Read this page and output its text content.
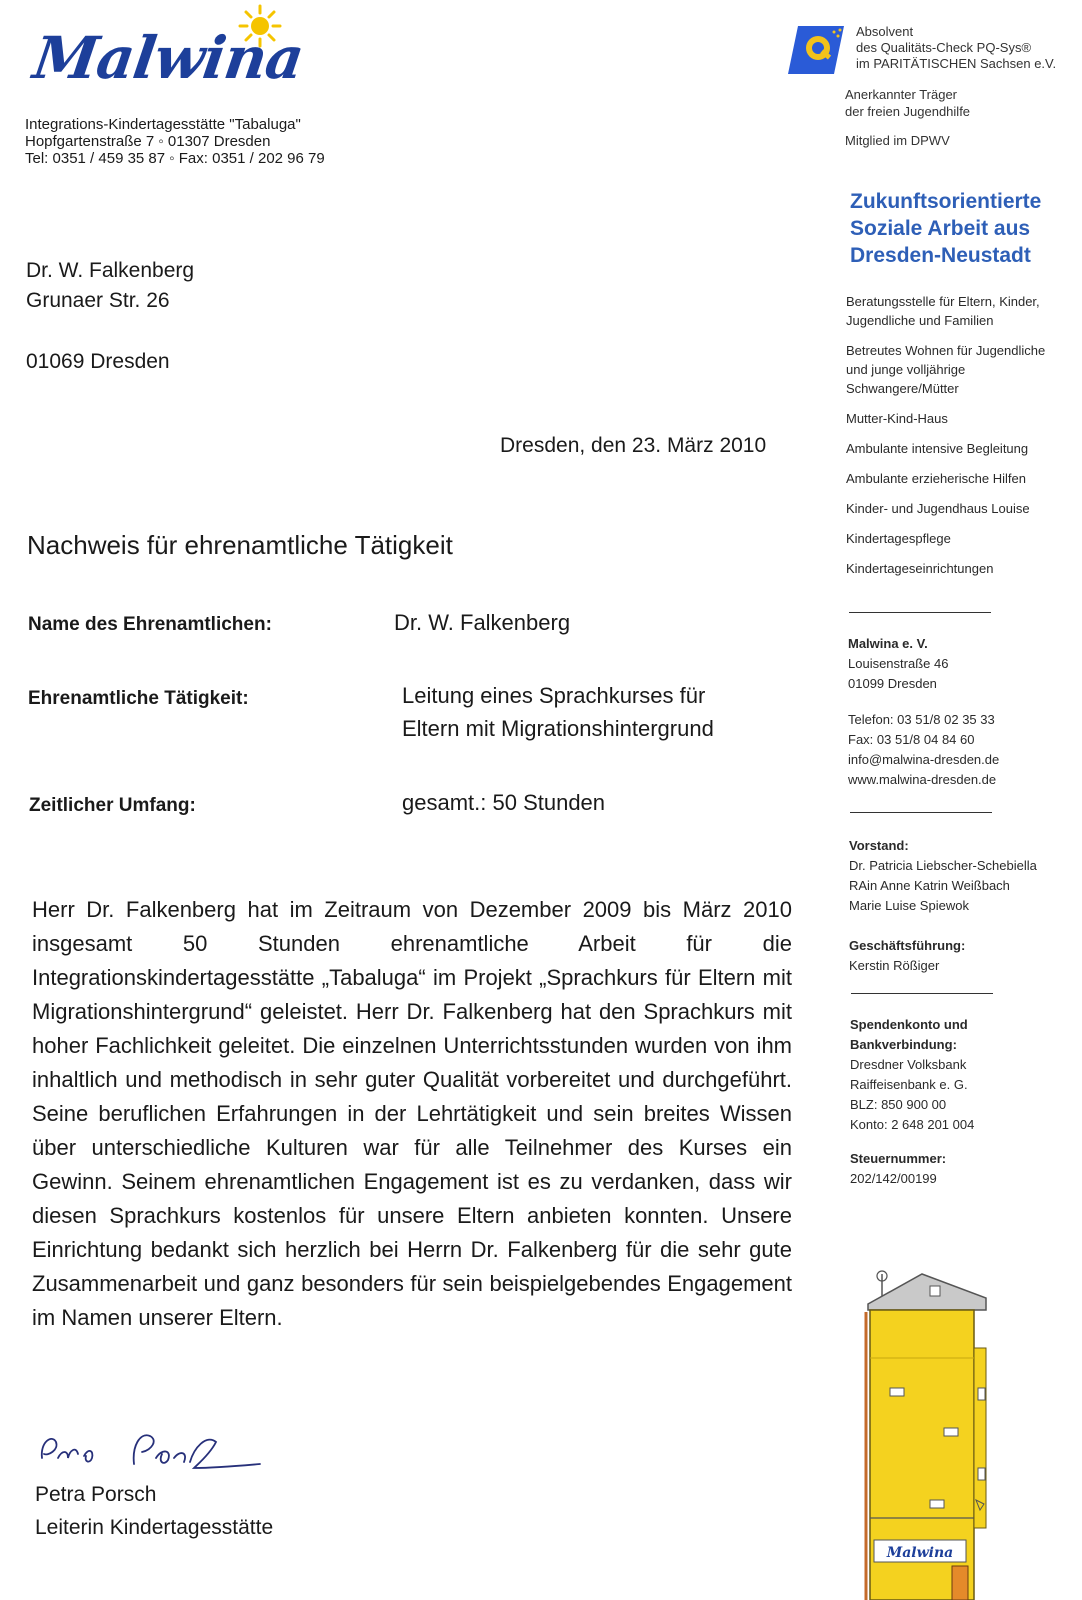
Malwina
Integrations-Kindertagesstätte "Tabaluga"
Hopfgartenstraße 7 ◦ 01307 Dresden
Tel: 0351 / 459 35 87 ◦ Fax: 0351 / 202 96 79
Absolvent
des Qualitäts-Check PQ-Sys®
im PARITÄTISCHEN Sachsen e.V.
Anerkannter Träger
der freien Jugendhilfe
Mitglied im DPWV
Zukunftsorientierte
Soziale Arbeit aus
Dresden-Neustadt
Beratungsstelle für Eltern, Kinder, Jugendliche und Familien
Betreutes Wohnen für Jugendliche und junge volljährige Schwangere/Mütter
Mutter-Kind-Haus
Ambulante intensive Begleitung
Ambulante erzieherische Hilfen
Kinder- und Jugendhaus Louise
Kindertagespflege
Kindertageseinrichtungen
Malwina e. V.
Louisenstraße 46
01099 Dresden
Telefon: 03 51/8 02 35 33
Fax: 03 51/8 04 84 60
info@malwina-dresden.de
www.malwina-dresden.de
Vorstand:
Dr. Patricia Liebscher-Schebiella
RAin Anne Katrin Weißbach
Marie Luise Spiewok
Geschäftsführung:
Kerstin Rößiger
Spendenkonto und
Bankverbindung:
Dresdner Volksbank
Raiffeisenbank e. G.
BLZ: 850 900 00
Konto: 2 648 201 004
Steuernummer:
202/142/00199
Dr. W. Falkenberg
Grunaer Str. 26
01069 Dresden
Dresden, den 23. März 2010
Nachweis für ehrenamtliche Tätigkeit
Name des Ehrenamtlichen:	Dr. W. Falkenberg
Ehrenamtliche Tätigkeit:	Leitung eines Sprachkurses für
Eltern mit Migrationshintergrund
Zeitlicher Umfang:	gesamt.: 50 Stunden
Herr Dr. Falkenberg hat im Zeitraum von Dezember 2009 bis März 2010 insgesamt 50 Stunden ehrenamtliche Arbeit für die Integrationskindertagesstätte „Tabaluga“ im Projekt „Sprachkurs für Eltern mit Migrationshintergrund“ geleistet. Herr Dr. Falkenberg hat den Sprachkurs mit hoher Fachlichkeit geleitet. Die einzelnen Unterrichtsstunden wurden von ihm inhaltlich und methodisch in sehr guter Qualität vorbereitet und durchgeführt. Seine beruflichen Erfahrungen in der Lehrtätigkeit und sein breites Wissen über unterschiedliche Kulturen war für alle Teilnehmer des Kurses ein Gewinn. Seinem ehrenamtlichen Engagement ist es zu verdanken, dass wir diesen Sprachkurs kostenlos für unsere Eltern anbieten konnten. Unsere Einrichtung bedankt sich herzlich bei Herrn Dr. Falkenberg für die sehr gute Zusammenarbeit und ganz besonders für sein beispielgebendes Engagement im Namen unserer Eltern.
Petra Porsch
Leiterin Kindertagesstätte
Malwina
